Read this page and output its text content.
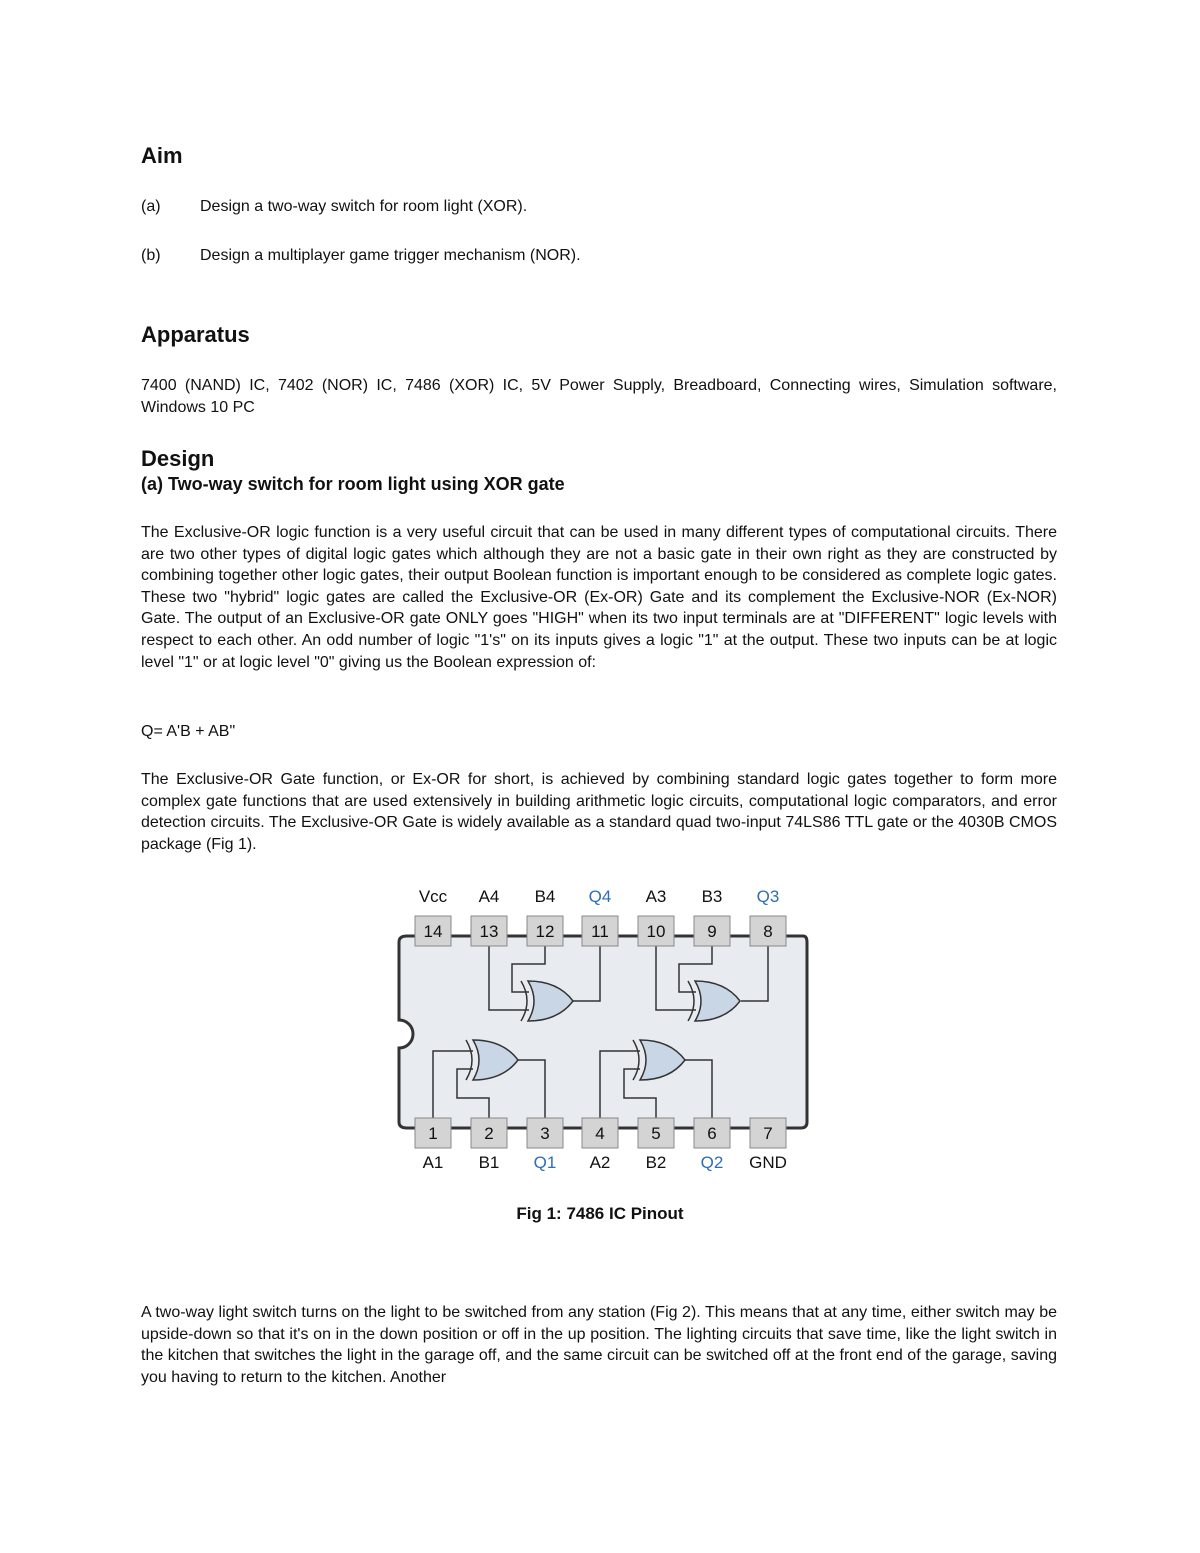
Aim
(a) Design a two-way switch for room light (XOR).
(b) Design a multiplayer game trigger mechanism (NOR).
Apparatus

7400 (NAND) IC, 7402 (NOR) IC, 7486 (XOR) IC, 5V Power Supply, Breadboard, Connecting wires, Simulation software, Windows 10 PC

Design
(a) Two-way switch for room light using XOR gate

The Exclusive-OR logic function is a very useful circuit that can be used in many different types of computational circuits. There are two other types of digital logic gates which although they are not a basic gate in their own right as they are constructed by combining together other logic gates, their output Boolean function is important enough to be considered as complete logic gates. These two "hybrid" logic gates are called the Exclusive-OR (Ex-OR) Gate and its complement the Exclusive-NOR (Ex-NOR) Gate. The output of an Exclusive-OR gate ONLY goes "HIGH" when its two input terminals are at "DIFFERENT" logic levels with respect to each other. An odd number of logic "1's" on its inputs gives a logic "1" at the output. These two inputs can be at logic level "1" or at logic level "0" giving us the Boolean expression of:

Q= A'B + AB"

The Exclusive-OR Gate function, or Ex-OR for short, is achieved by combining standard logic gates together to form more complex gate functions that are used extensively in building arithmetic logic circuits, computational logic comparators, and error detection circuits. The Exclusive-OR Gate is widely available as a standard quad two-input 74LS86 TTL gate or the 4030B CMOS package (Fig 1).

14
Vcc
13
A4
12
B4
11
Q4
10
A3
9
B3
8
Q3
1
A1
2
B1
3
Q1
4
A2
5
B2
6
Q2
7
GND
Fig 1: 7486 IC Pinout

A two-way light switch turns on the light to be switched from any station (Fig 2). This means that at any time, either switch may be upside-down so that it's on in the down position or off in the up position. The lighting circuits that save time, like the light switch in the kitchen that switches the light in the garage off, and the same circuit can be switched off at the front end of the garage, saving you having to return to the kitchen. Another
